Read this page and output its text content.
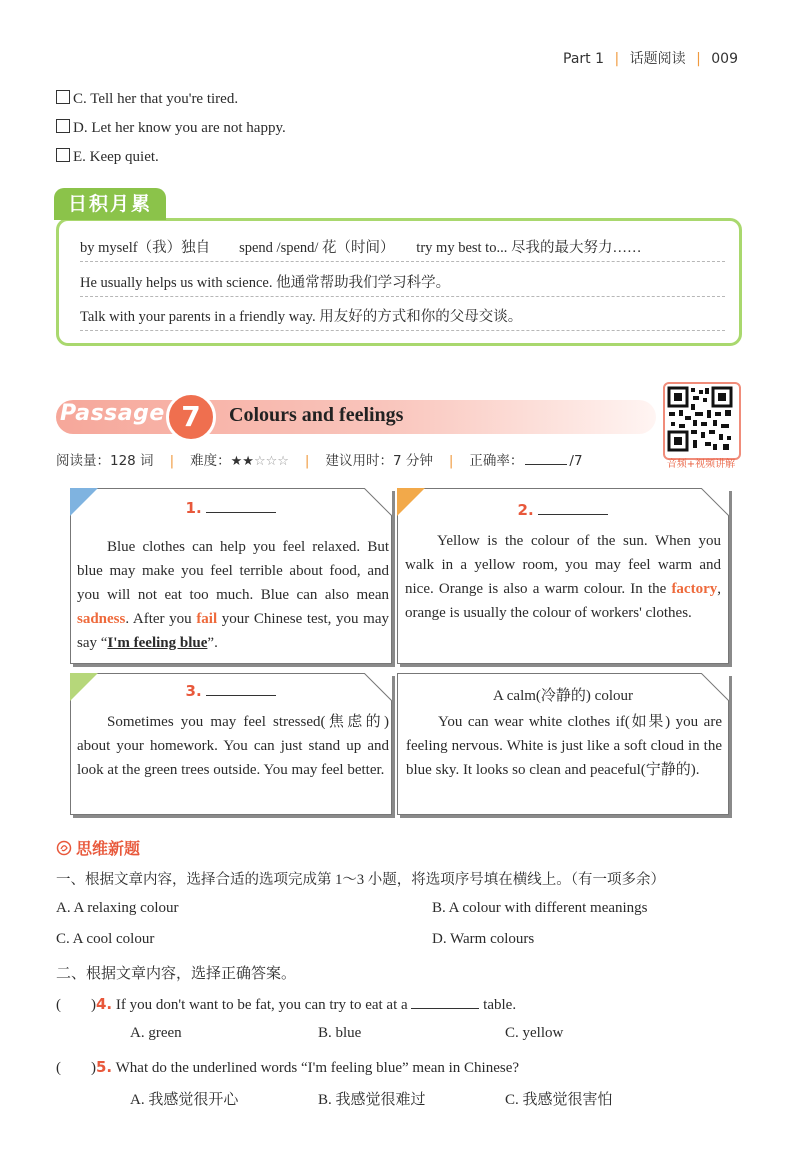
Part 1 | 话题阅读 | 009
C. Tell her that you're tired.
D. Let her know you are not happy.
E. Keep quiet.
日积月累
by myself（我）独自　　spend /spend/ 花（时间）　　try my best to... 尽我的最大努力……
He usually helps us with science. 他通常帮助我们学习科学。
Talk with your parents in a friendly way. 用友好的方式和你的父母交谈。
Passage 7	Colours and feelings
音频+视频讲解
阅读量：128 词 | 难度：★★☆☆☆ | 建议用时：7 分钟 | 正确率：	/7
1.
Blue clothes can help you feel relaxed. But blue may make you feel terrible about food, and you will not eat too much. Blue can also mean sadness. After you fail your Chinese test, you may say “I'm feeling blue”.
2.
Yellow is the colour of the sun. When you walk in a yellow room, you may feel warm and nice. Orange is also a warm colour. In the factory, orange is usually the colour of workers' clothes.
3.
Sometimes you may feel stressed(焦虑的) about your homework. You can just stand up and look at the green trees outside. You may feel better.
A calm(冷静的) colour
You can wear white clothes if(如果) you are feeling nervous. White is just like a soft cloud in the blue sky. It looks so clean and peaceful(宁静的).
思维新题
一、根据文章内容，选择合适的选项完成第 1～3 小题，将选项序号填在横线上。（有一项多余）
A. A relaxing colour	B. A colour with different meanings
C. A cool colour	D. Warm colours
二、根据文章内容，选择正确答案。
(　　)4. If you don't want to be fat, you can try to eat at a	table.
A. green	B. blue	C. yellow
(　　)5. What do the underlined words “I'm feeling blue” mean in Chinese?
A. 我感觉很开心	B. 我感觉很难过	C. 我感觉很害怕
